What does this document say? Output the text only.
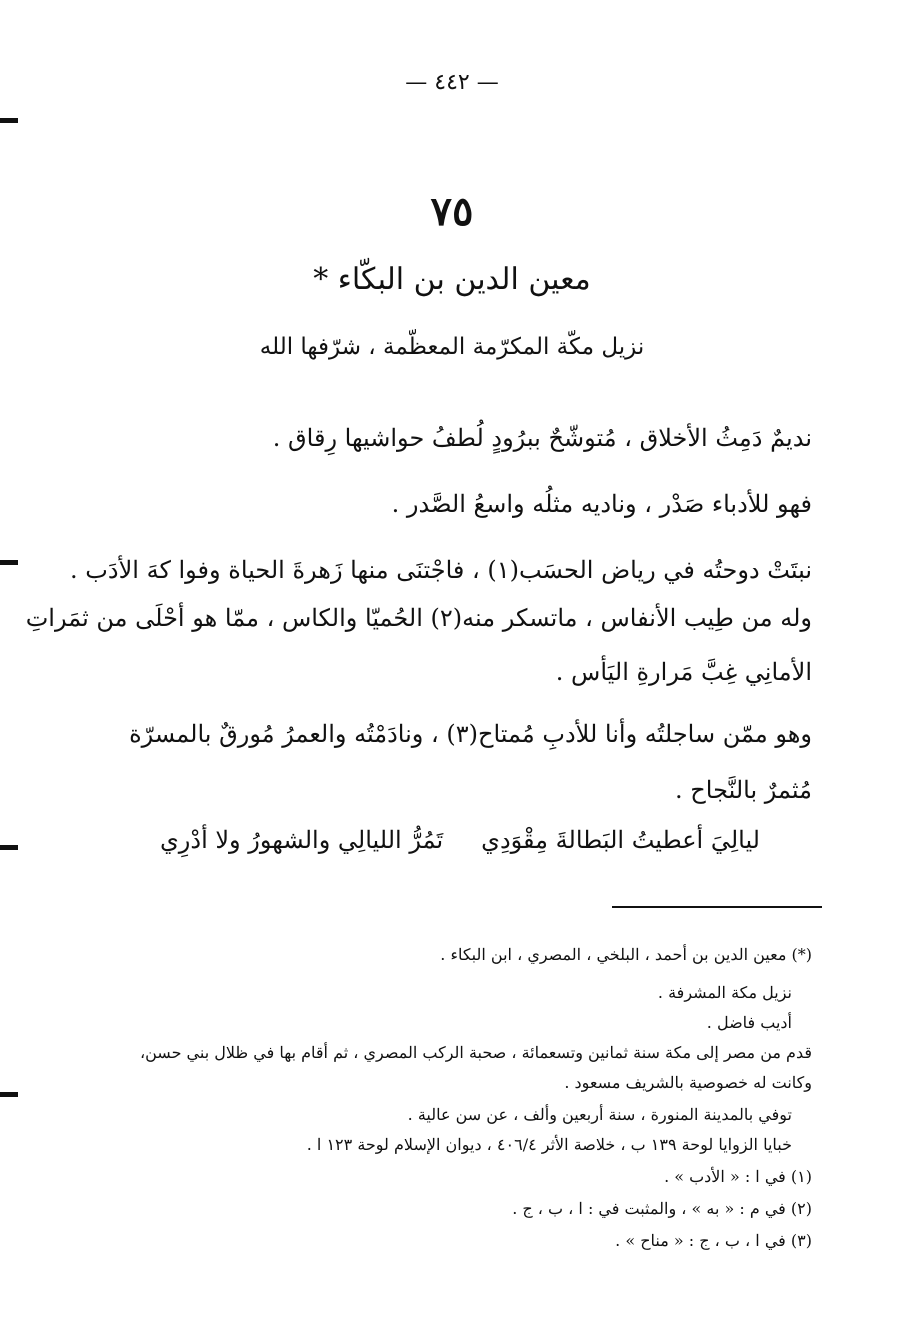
— ٤٤٢ —
٧٥
معين الدين بن البكّاء *
نزيل مكّة المكرّمة المعظّمة ، شرّفها الله
نديمٌ دَمِثُ الأخلاق ، مُتوشّحٌ ببرُودٍ لُطفُ حواشيها رِقاق .
فهو للأدباء صَدْر ، وناديه مثلُه واسعُ الصَّدر .
نبتَتْ دوحتُه في رياض الحسَب(١) ، فاجْتنَى منها زَهرةَ الحياة وفوا كهَ الأدَب .
وله من طِيب الأنفاس ، ماتسكر منه(٢) الحُميّا والكاس ، ممّا هو أحْلَى من ثمَراتِ
الأمانِي غِبَّ مَرارةِ اليَأس .
وهو ممّن ساجلتُه وأنا للأدبِ مُمتاح(٣) ، ونادَمْتُه والعمرُ مُورقٌ بالمسرّة
مُثمرٌ بالنَّجاح .
ليالِيَ أعطيتُ البَطالةَ مِقْوَدِي
تَمُرُّ الليالِي والشهورُ ولا أدْرِي
(*) معين الدين بن أحمد ، البلخي ، المصري ، ابن البكاء .
نزيل مكة المشرفة .
أديب فاضل .
قدم من مصر إلى مكة سنة ثمانين وتسعمائة ، صحبة الركب المصري ، ثم أقام بها في ظلال بني حسن،
وكانت له خصوصية بالشريف مسعود .
توفي بالمدينة المنورة ، سنة أربعين وألف ، عن سن عالية .
خبايا الزوايا لوحة ١٣٩ ب ، خلاصة الأثر ٤٠٦/٤ ، ديوان الإسلام لوحة ١٢٣ ا .
(١) في ا : « الأدب » .
(٢) في م : « به » ، والمثبت في : ا ، ب ، ج .
(٣) في ا ، ب ، ج : « مناح » .
